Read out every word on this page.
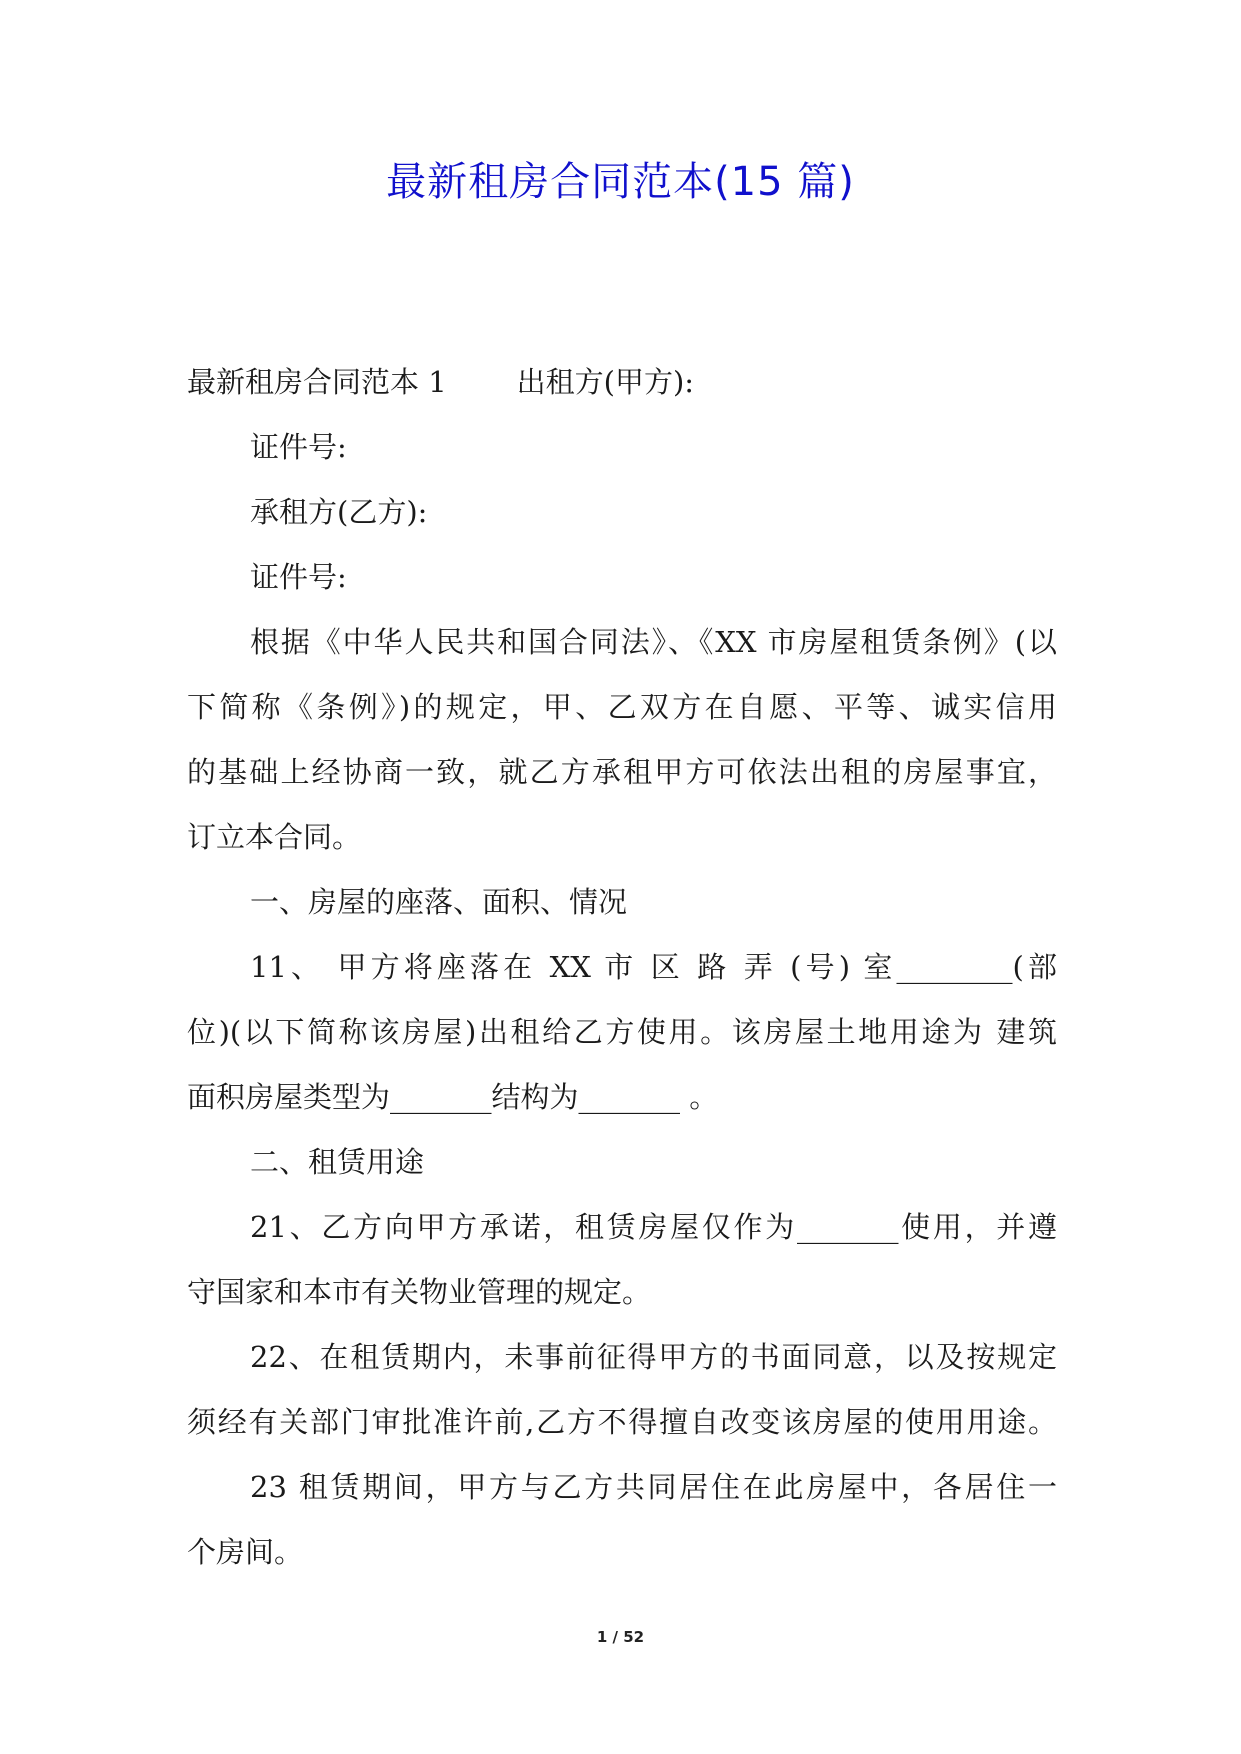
最新租房合同范本(15 篇)
最新租房合同范本 1 出租方(甲方):
证件号:
承租方(乙方):
证件号:
根据《中华人民共和国合同法》、《XX 市房屋租赁条例》(以
下简称《条例》)的规定，甲、乙双方在自愿、平等、诚实信用
的基础上经协商一致，就乙方承租甲方可依法出租的房屋事宜，
订立本合同。
一、房屋的座落、面积、情况
11、 甲方将座落在 XX 市 区 路 弄 (号) 室________(部
位)(以下简称该房屋)出租给乙方使用。该房屋土地用途为 建筑
面积房屋类型为_______结构为_______ 。
二、租赁用途
21、乙方向甲方承诺，租赁房屋仅作为_______使用，并遵
守国家和本市有关物业管理的规定。
22、在租赁期内，未事前征得甲方的书面同意，以及按规定
须经有关部门审批准许前,乙方不得擅自改变该房屋的使用用途。
23 租赁期间，甲方与乙方共同居住在此房屋中，各居住一
个房间。
1 / 52
